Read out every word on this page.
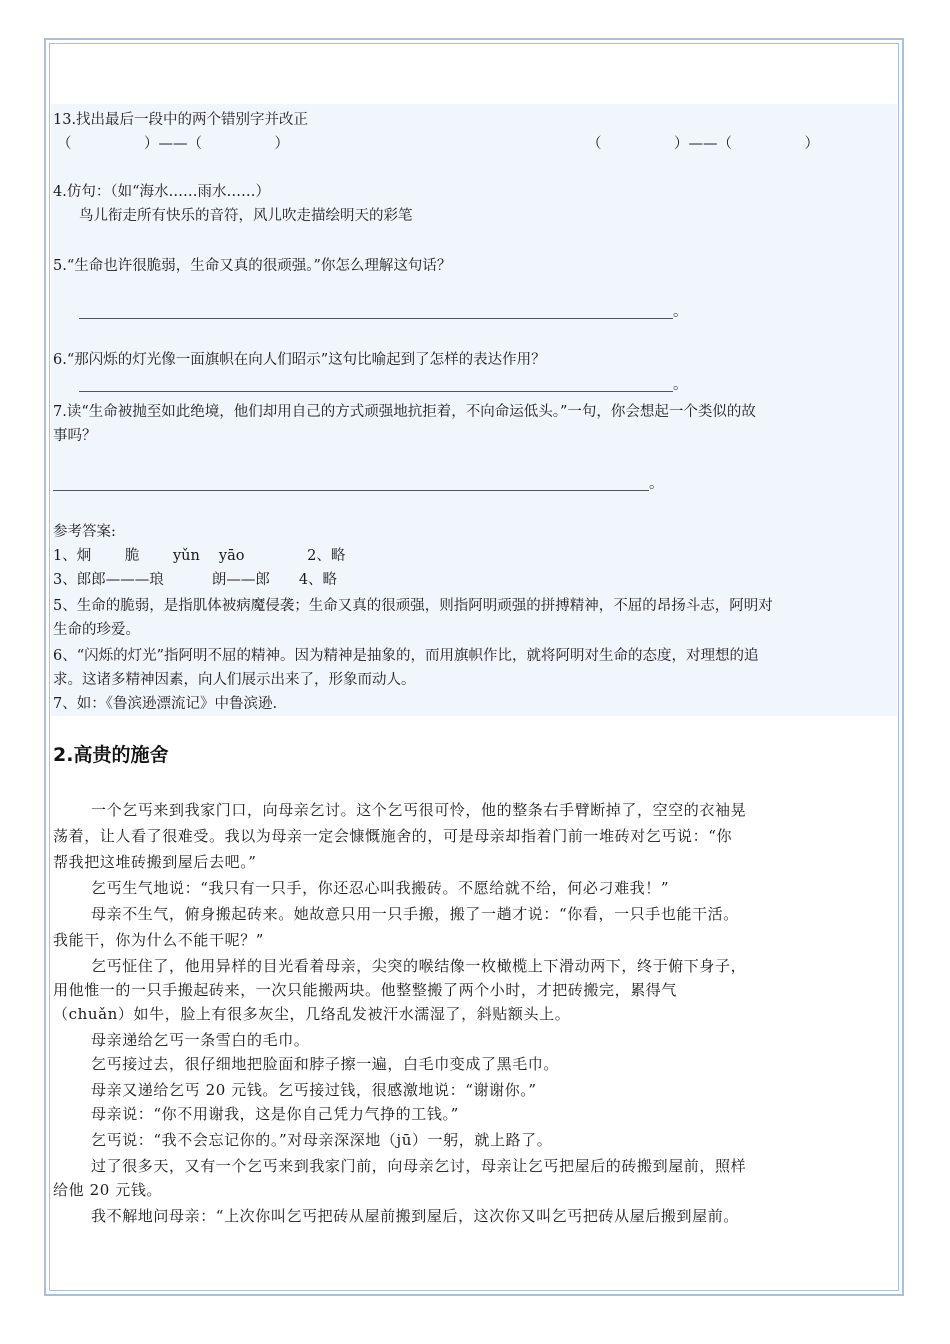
13.找出最后一段中的两个错别字并改正
（　　　　　）——（　　　　　）	（　　　　　）——（　　　　　）
4.仿句：（如“海水……雨水……）
鸟儿衔走所有快乐的音符，风儿吹走描绘明天的彩笔
5.“生命也许很脆弱，生命又真的很顽强。”你怎么理解这句话？
。
6.“那闪烁的灯光像一面旗帜在向人们昭示”这句比喻起到了怎样的表达作用？
。
7.读“生命被抛至如此绝境，他们却用自己的方式顽强地抗拒着，不向命运低头。”一句，你会想起一个类似的故
事吗？
。
参考答案:
1、炯　　 脆　　 yǔn　 yāo　　　　 2、略
3、郎郎———琅　　　 朗——郎　　4、略
5、生命的脆弱，是指肌体被病魔侵袭；生命又真的很顽强，则指阿明顽强的拼搏精神，不屈的昂扬斗志，阿明对
生命的珍爱。
6、“闪烁的灯光”指阿明不屈的精神。因为精神是抽象的，而用旗帜作比，就将阿明对生命的态度，对理想的追
求。这诸多精神因素，向人们展示出来了，形象而动人。
7、如：《鲁滨逊漂流记》中鲁滨逊.
2.高贵的施舍
一个乞丐来到我家门口，向母亲乞讨。这个乞丐很可怜，他的整条右手臂断掉了，空空的衣袖晃
荡着，让人看了很难受。我以为母亲一定会慷慨施舍的，可是母亲却指着门前一堆砖对乞丐说：“你
帮我把这堆砖搬到屋后去吧。”
乞丐生气地说：“我只有一只手，你还忍心叫我搬砖。不愿给就不给，何必刁难我！”
母亲不生气，俯身搬起砖来。她故意只用一只手搬，搬了一趟才说：“你看，一只手也能干活。
我能干，你为什么不能干呢？”
乞丐怔住了，他用异样的目光看着母亲，尖突的喉结像一枚橄榄上下滑动两下，终于俯下身子，
用他惟一的一只手搬起砖来，一次只能搬两块。他整整搬了两个小时，才把砖搬完，累得气
（chuǎn）如牛，脸上有很多灰尘，几络乱发被汗水濡湿了，斜贴额头上。
母亲递给乞丐一条雪白的毛巾。
乞丐接过去，很仔细地把脸面和脖子擦一遍，白毛巾变成了黑毛巾。
母亲又递给乞丐 20 元钱。乞丐接过钱，很感激地说：“谢谢你。”
母亲说：“你不用谢我，这是你自己凭力气挣的工钱。”
乞丐说：“我不会忘记你的。”对母亲深深地（jū）一躬，就上路了。
过了很多天，又有一个乞丐来到我家门前，向母亲乞讨，母亲让乞丐把屋后的砖搬到屋前，照样
给他 20 元钱。
我不解地问母亲：“上次你叫乞丐把砖从屋前搬到屋后，这次你又叫乞丐把砖从屋后搬到屋前。
